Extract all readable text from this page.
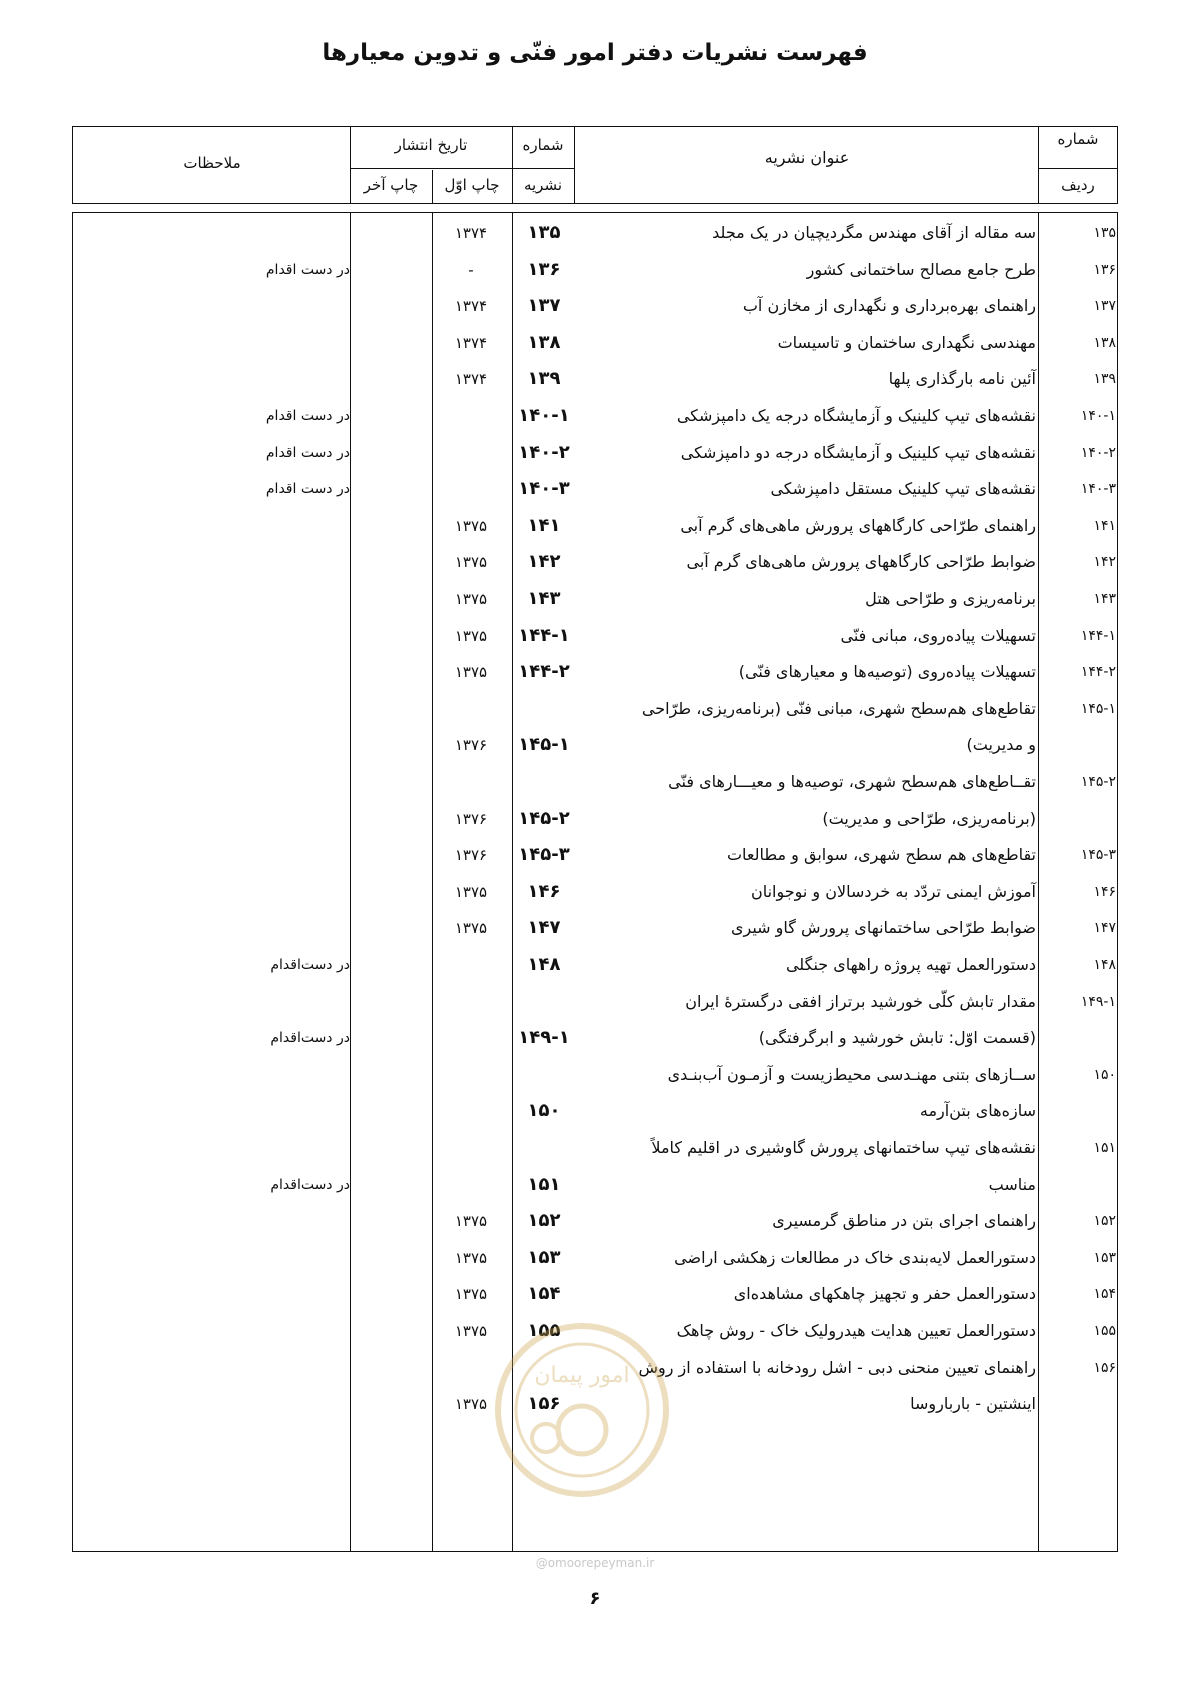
فهرست نشریات دفتر امور فنّی و تدوین معیارها
شماره
ردیف
عنوان نشریه
شماره
نشریه
تاریخ انتشار
چاپ اوّل
چاپ آخر
ملاحظات
۱۳۵
سه مقاله از آقای مهندس مگردیچیان در یک مجلد
۱۳۵
۱۳۷۴
۱۳۶
طرح جامع مصالح ساختمانی کشور
۱۳۶
-
در دست اقدام
۱۳۷
راهنمای بهره‌برداری و نگهداری از مخازن آب
۱۳۷
۱۳۷۴
۱۳۸
مهندسی نگهداری ساختمان و تاسیسات
۱۳۸
۱۳۷۴
۱۳۹
آئین نامه بارگذاری پلها
۱۳۹
۱۳۷۴
۱۴۰-۱
نقشه‌های تیپ کلینیک و آزمایشگاه درجه یک دامپزشکی
۱۴۰-۱
در دست اقدام
۱۴۰-۲
نقشه‌های تیپ کلینیک و آزمایشگاه درجه دو دامپزشکی
۱۴۰-۲
در دست اقدام
۱۴۰-۳
نقشه‌های تیپ کلینیک مستقل دامپزشکی
۱۴۰-۳
در دست اقدام
۱۴۱
راهنمای طرّاحی کارگاههای پرورش ماهی‌های گرم آبی
۱۴۱
۱۳۷۵
۱۴۲
ضوابط طرّاحی کارگاههای پرورش ماهی‌های گرم آبی
۱۴۲
۱۳۷۵
۱۴۳
برنامه‌ریزی و طرّاحی هتل
۱۴۳
۱۳۷۵
۱۴۴-۱
تسهیلات پیاده‌روی، مبانی فنّی
۱۴۴-۱
۱۳۷۵
۱۴۴-۲
تسهیلات پیاده‌روی (توصیه‌ها و معیارهای فنّی)
۱۴۴-۲
۱۳۷۵
۱۴۵-۱
تقاطع‌های هم‌سطح شهری، مبانی فنّی (برنامه‌ریزی، طرّاحی
و مدیریت)
۱۴۵-۱
۱۳۷۶
۱۴۵-۲
تقــاطع‌های هم‌سطح شهری، توصیه‌ها و معیـــارهای فنّی
(برنامه‌ریزی، طرّاحی و مدیریت)
۱۴۵-۲
۱۳۷۶
۱۴۵-۳
تقاطع‌های هم سطح شهری، سوابق و مطالعات
۱۴۵-۳
۱۳۷۶
۱۴۶
آموزش ایمنی تردّد به خردسالان و نوجوانان
۱۴۶
۱۳۷۵
۱۴۷
ضوابط طرّاحی ساختمانهای پرورش گاو شیری
۱۴۷
۱۳۷۵
۱۴۸
دستورالعمل تهیه پروژه راههای جنگلی
۱۴۸
در دست‌اقدام
۱۴۹-۱
مقدار تابش کلّی خورشید برتراز افقی درگسترهٔ ایران
(قسمت اوّل: تابش خورشید و ابرگرفتگی)
۱۴۹-۱
در دست‌اقدام
۱۵۰
ســازهای بتنی مهنـدسی محیط‌زیست و آزمـون آب‌بنـدی
سازه‌های بتن‌آرمه
۱۵۰
۱۵۱
نقشه‌های تیپ ساختمانهای پرورش گاوشیری در اقلیم کاملاً
مناسب
۱۵۱
در دست‌اقدام
۱۵۲
راهنمای اجرای بتن در مناطق گرمسیری
۱۵۲
۱۳۷۵
۱۵۳
دستورالعمل لایه‌بندی خاک در مطالعات زهکشی اراضی
۱۵۳
۱۳۷۵
۱۵۴
دستورالعمل حفر و تجهیز چاهکهای مشاهده‌ای
۱۵۴
۱۳۷۵
۱۵۵
دستورالعمل تعیین هدایت هیدرولیک خاک - روش چاهک
۱۵۵
۱۳۷۵
۱۵۶
راهنمای تعیین منحنی دبی - اشل رودخانه با استفاده از روش
اینشتین - باربار‌وسا
۱۵۶
۱۳۷۵
امور پیمان
@omoorepeyman.ir
۶
